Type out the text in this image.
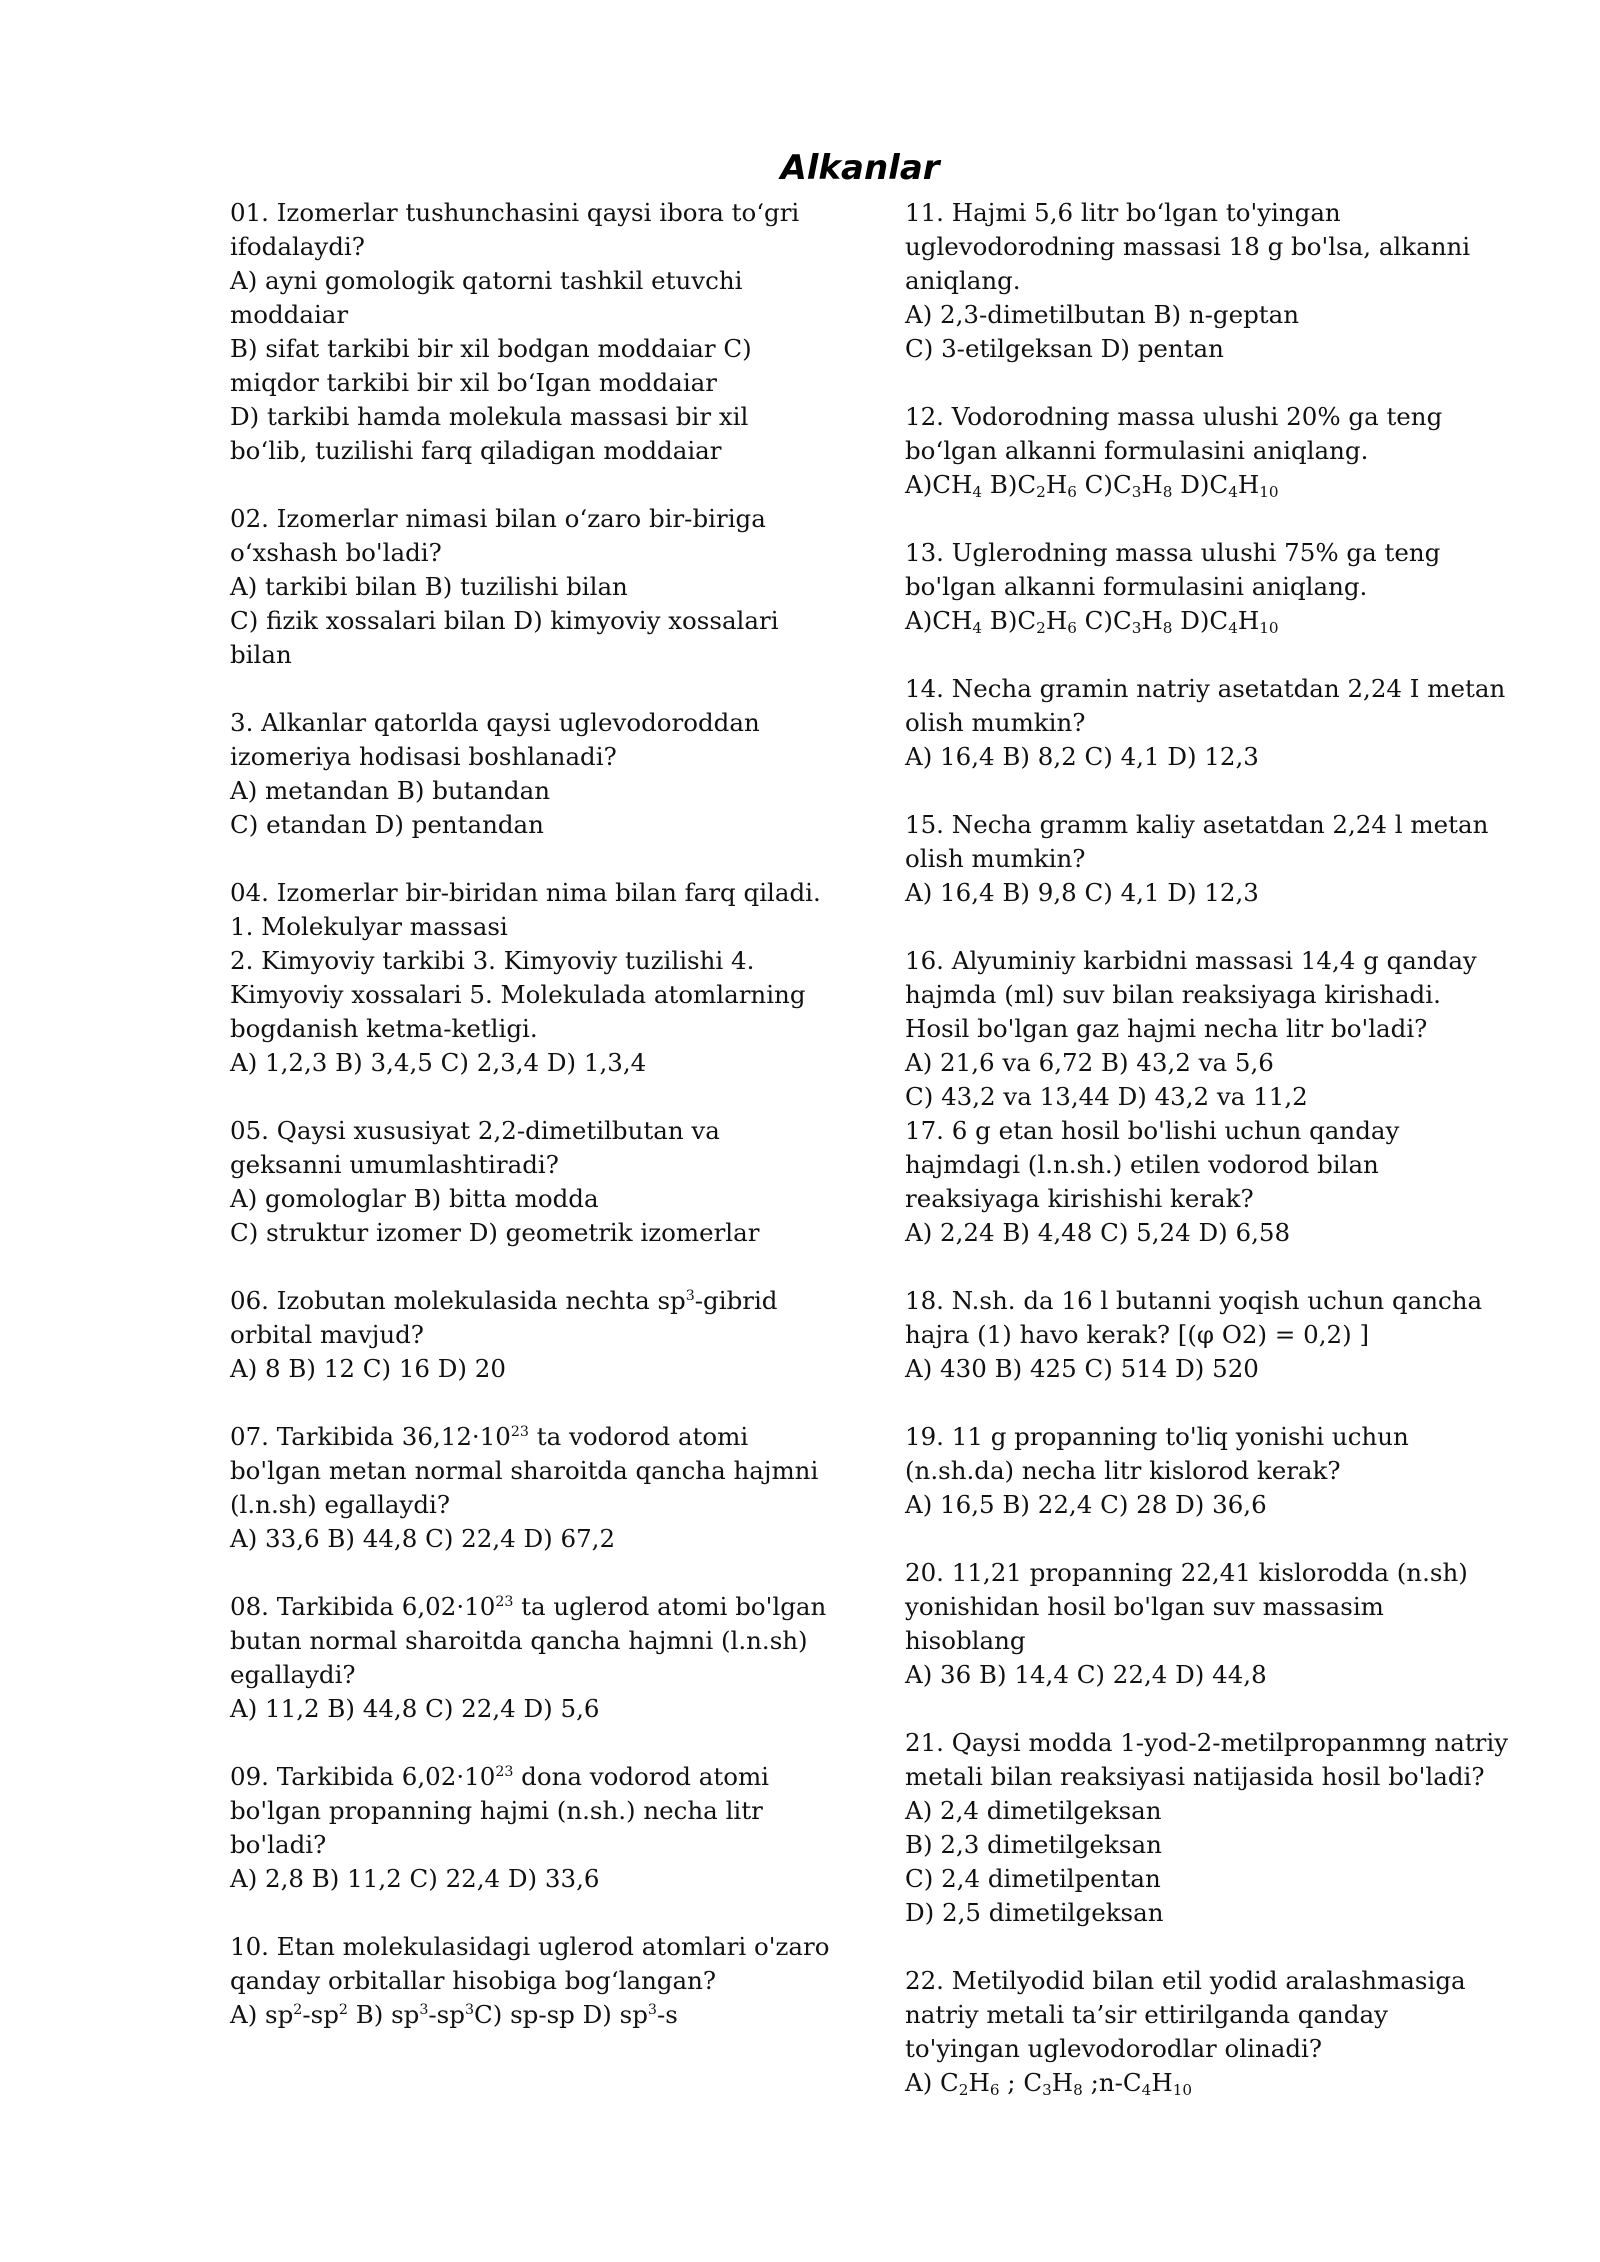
Alkanlar
01. Izomerlar tushunchasini qaysi ibora to‘gri
ifodalaydi?
A) ayni gomologik qatorni tashkil etuvchi
moddaiar
B) sifat tarkibi bir xil bodgan moddaiar C)
miqdor tarkibi bir xil bo‘Igan moddaiar
D) tarkibi hamda molekula massasi bir xil
bo‘lib, tuzilishi farq qiladigan moddaiar
02. Izomerlar nimasi bilan o‘zaro bir-biriga
o‘xshash bo'ladi?
A) tarkibi bilan B) tuzilishi bilan
C) fizik xossalari bilan D) kimyoviy xossalari
bilan
3. Alkanlar qatorlda qaysi uglevodoroddan
izomeriya hodisasi boshlanadi?
A) metandan B) butandan
C) etandan D) pentandan
04. Izomerlar bir-biridan nima bilan farq qiladi.
1. Molekulyar massasi
2. Kimyoviy tarkibi 3. Kimyoviy tuzilishi 4.
Kimyoviy xossalari 5. Molekulada atomlarning
bogdanish ketma-ketligi.
A) 1,2,3 B) 3,4,5 C) 2,3,4 D) 1,3,4
05. Qaysi xususiyat 2,2-dimetilbutan va
geksanni umumlashtiradi?
A) gomologlar B) bitta modda
C) struktur izomer D) geometrik izomerlar
06. Izobutan molekulasida nechta $sp^3$-gibrid
orbital mavjud?
A) 8 B) 12 C) 16 D) 20
07. Tarkibida $36,12\cdot 10^{23}$ ta vodorod atomi
bo'lgan metan normal sharoitda qancha hajmni
(l.n.sh) egallaydi?
A) 33,6 B) 44,8 C) 22,4 D) 67,2
08. Tarkibida $6,02\cdot 10^{23}$ ta uglerod atomi bo'lgan
butan normal sharoitda qancha hajmni (l.n.sh)
egallaydi?
A) 11,2 B) 44,8 C) 22,4 D) 5,6
09. Tarkibida $6,02\cdot 10^{23}$ dona vodorod atomi
bo'lgan propanning hajmi (n.sh.) necha litr
bo'ladi?
A) 2,8 B) 11,2 C) 22,4 D) 33,6
10. Etan molekulasidagi uglerod atomlari o'zaro
qanday orbitallar hisobiga bog‘langan?
A) $sp^2-sp^2$ B) $sp^3-sp^3C$) sp-sp D) $sp^3-s$
11. Hajmi 5,6 litr bo‘lgan to'yingan
uglevodorodning massasi 18 g bo'lsa, alkanni
aniqlang.
A) 2,3-dimetilbutan B) n-geptan
C) 3-etilgeksan D) pentan
12. Vodorodning massa ulushi 20% ga teng
bo‘lgan alkanni formulasini aniqlang.
$A)CH_4$ $B)C_2H_6$ $C)C_3H_8$ $D)C_4H_{10}$
13. Uglerodning massa ulushi 75% ga teng
bo'lgan alkanni formulasini aniqlang.
$A)CH_4$ $B)C_2H_6$ $C)C_3H_8$ $D)C_4H_{10}$
14. Necha gramin natriy asetatdan 2,24 I metan
olish mumkin?
A) 16,4 B) 8,2 C) 4,1 D) 12,3
15. Necha gramm kaliy asetatdan 2,24 l metan
olish mumkin?
A) 16,4 B) 9,8 C) 4,1 D) 12,3
16. Alyuminiy karbidni massasi 14,4 g qanday
hajmda (ml) suv bilan reaksiyaga kirishadi.
Hosil bo'lgan gaz hajmi necha litr bo'ladi?
A) 21,6 va 6,72 B) 43,2 va 5,6
C) 43,2 va 13,44 D) 43,2 va 11,2
17. 6 g etan hosil bo'lishi uchun qanday
hajmdagi (l.n.sh.) etilen vodorod bilan
reaksiyaga kirishishi kerak?
A) 2,24 B) 4,48 C) 5,24 D) 6,58
18. N.sh. da 16 l butanni yoqish uchun qancha
hajra (1) havo kerak? [(φ O2) = 0,2) ]
A) 430 B) 425 C) 514 D) 520
19. 11 g propanning to'liq yonishi uchun
(n.sh.da) necha litr kislorod kerak?
A) 16,5 B) 22,4 C) 28 D) 36,6
20. 11,21 propanning 22,41 kislorodda (n.sh)
yonishidan hosil bo'lgan suv massasim
hisoblang
A) 36 B) 14,4 C) 22,4 D) 44,8
21. Qaysi modda 1-yod-2-metilpropanmng natriy
metali bilan reaksiyasi natijasida hosil bo'ladi?
A) 2,4 dimetilgeksan
B) 2,3 dimetilgeksan
C) 2,4 dimetilpentan
D) 2,5 dimetilgeksan
22. Metilyodid bilan etil yodid aralashmasiga
natriy metali ta’sir ettirilganda qanday
to'yingan uglevodorodlar olinadi?
A) $C_2H_6$ ; $C_3H_8$ $;n-C_4H_{10}$
